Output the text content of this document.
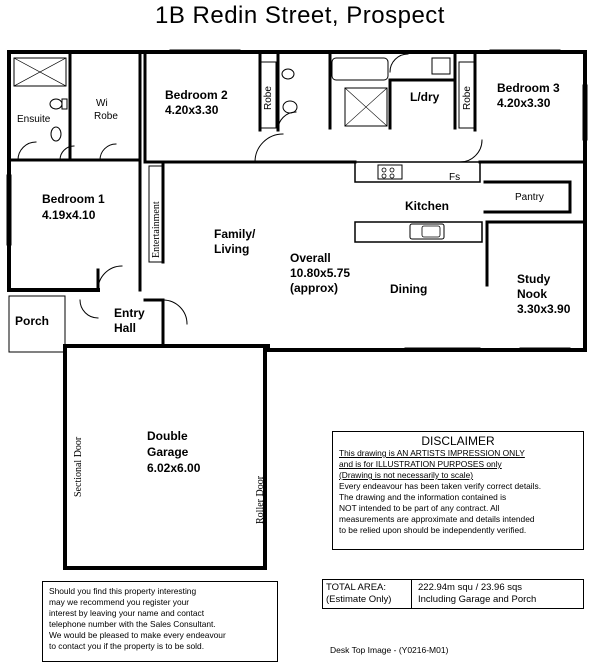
1B Redin Street, Prospect
Ensuite
Wi
Robe
Bedroom 2
4.20x3.30	Robe	L/dry Robe Bedroom 3
4.20x3.30
Bedroom 1
4.19x4.10	Entertainment	Family/
Living
Overall
10.80x5.75
(approx)
Kitchen
Fs
Pantry
Dining
Study
Nook
3.30x3.90
Porch
Entry
Hall
Double
Garage
6.02x6.00
Sectional Door
Roller Door
DISCLAIMER
This drawing is AN ARTISTS IMPRESSION ONLY
and is for ILLUSTRATION PURPOSES only
(Drawing is not necessarily to scale)
Every endeavour has been taken verify correct details.
The drawing and the information contained is
NOT intended to be part of any contract. All
measurements are approximate and details intended
to be relied upon should be independently verified.
TOTAL AREA:
(Estimate Only)
222.94m squ / 23.96 sqs
Including Garage and Porch
Should you find this property interesting
may we recommend you register your
interest by leaving your name and contact
telephone number with the Sales Consultant.
We would be pleased to make every endeavour
to contact you if the property is to be sold.	Desk Top Image - (Y0216-M01)
